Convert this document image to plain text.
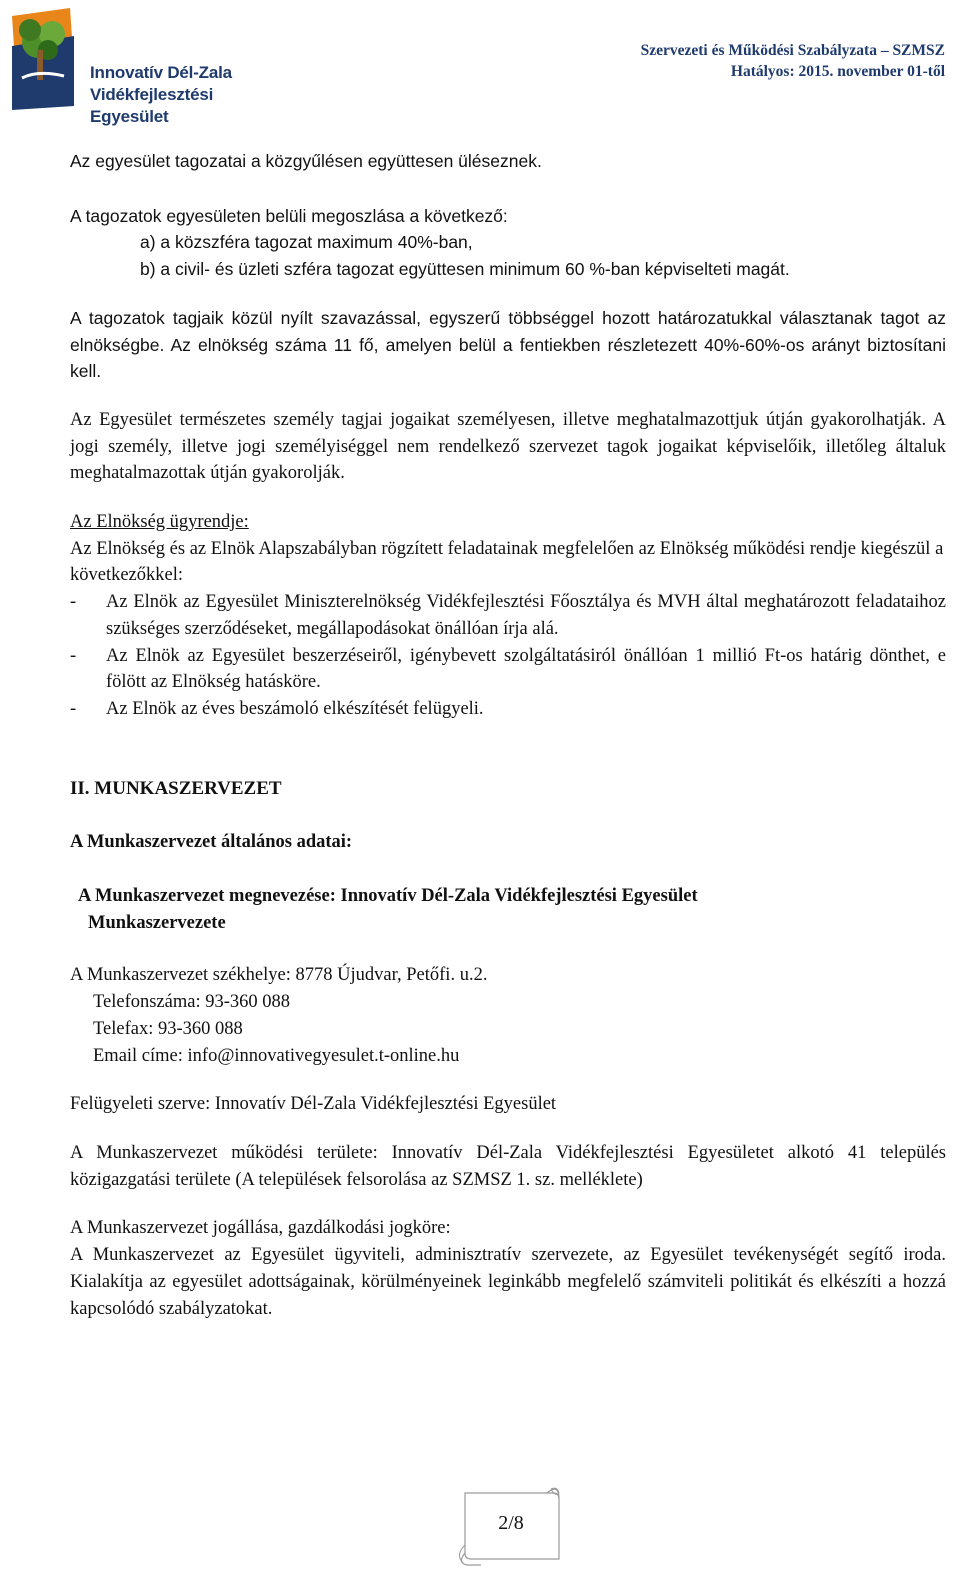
Innovatív Dél-Zala
Vidékfejlesztési Egyesület
Szervezeti és Működési Szabályzata – SZMSZ
Hatályos: 2015. november 01-től

Az egyesület tagozatai a közgyűlésen együttesen üléseznek.

A tagozatok egyesületen belüli megoszlása a következő:

a) a közszféra tagozat maximum 40%-ban,

b) a civil- és üzleti szféra tagozat együttesen minimum 60 %-ban képviselteti magát.

A tagozatok tagjaik közül nyílt szavazással, egyszerű többséggel hozott határozatukkal választanak tagot az elnökségbe. Az elnökség száma 11 fő, amelyen belül a fentiekben részletezett 40%-60%-os arányt biztosítani kell.

Az Egyesület természetes személy tagjai jogaikat személyesen, illetve meghatalmazottjuk útján gyakorolhatják. A jogi személy, illetve jogi személyiséggel nem rendelkező szervezet tagok jogaikat képviselőik, illetőleg általuk meghatalmazottak útján gyakorolják.

Az Elnökség ügyrendje:

Az Elnökség és az Elnök Alapszabályban rögzített feladatainak megfelelően az Elnökség működési rendje kiegészül a következőkkel:

- Az Elnök az Egyesület Miniszterelnökség Vidékfejlesztési Főosztálya és MVH által meghatározott feladataihoz szükséges szerződéseket, megállapodásokat önállóan írja alá.
- Az Elnök az Egyesület beszerzéseiről, igénybevett szolgáltatásiról önállóan 1 millió Ft-os határig dönthet, e fölött az Elnökség hatásköre.
- Az Elnök az éves beszámoló elkészítését felügyeli.

II. MUNKASZERVEZET

A Munkaszervezet általános adatai:

A Munkaszervezet megnevezése: Innovatív Dél-Zala Vidékfejlesztési Egyesület

Munkaszervezete

A Munkaszervezet székhelye: 8778 Újudvar, Petőfi. u.2.

Telefonszáma: 93-360 088

Telefax: 93-360 088

Email címe: info@innovativegyesulet.t-online.hu

Felügyeleti szerve: Innovatív Dél-Zala Vidékfejlesztési Egyesület

A Munkaszervezet működési területe: Innovatív Dél-Zala Vidékfejlesztési Egyesületet alkotó 41 település közigazgatási területe (A települések felsorolása az SZMSZ 1. sz. melléklete)

A Munkaszervezet jogállása, gazdálkodási jogköre:

A Munkaszervezet az Egyesület ügyviteli, adminisztratív szervezete, az Egyesület tevékenységét segítő iroda. Kialakítja az egyesület adottságainak, körülményeinek leginkább megfelelő számviteli politikát és elkészíti a hozzá kapcsolódó szabályzatokat.

2/8
